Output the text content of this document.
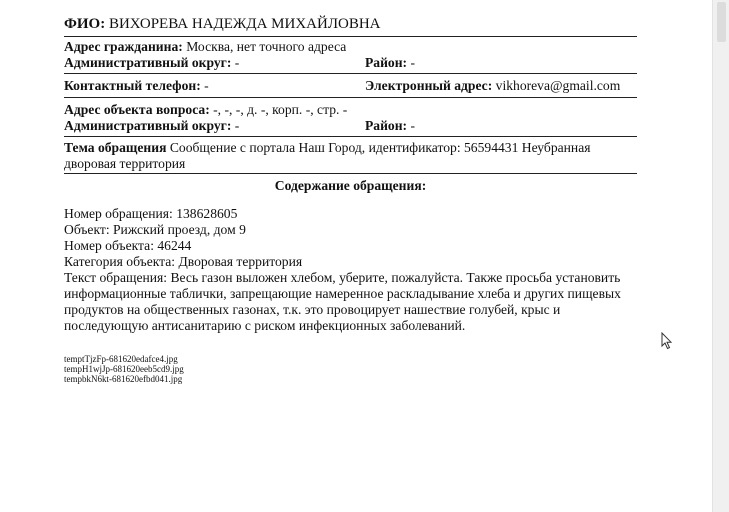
ФИО: ВИХОРЕВА НАДЕЖДА МИХАЙЛОВНА
Адрес гражданина: Москва, нет точного адреса
Административный округ: -	Район: -
Контактный телефон: -	Электронный адрес: vikhoreva@gmail.com
Адрес объекта вопроса: -, -, -, д. -, корп. -, стр. -
Административный округ: -	Район: -
Тема обращения Сообщение с портала Наш Город, идентификатор: 56594431 Неубранная
дворовая территория
Содержание обращения:
Номер обращения: 138628605
Объект: Рижский проезд, дом 9
Номер объекта: 46244
Категория объекта: Дворовая территория
Текст обращения: Весь газон выложен хлебом, уберите, пожалуйста. Также просьба установить
информационные таблички, запрещающие намеренное раскладывание хлеба и других пищевых
продуктов на общественных газонах, т.к. это провоцирует нашествие голубей, крыс и
последующую антисанитарию с риском инфекционных заболеваний.
temptTjzFp-681620edafce4.jpg
tempH1wjJp-681620eeb5cd9.jpg
tempbkN6kt-681620efbd041.jpg
